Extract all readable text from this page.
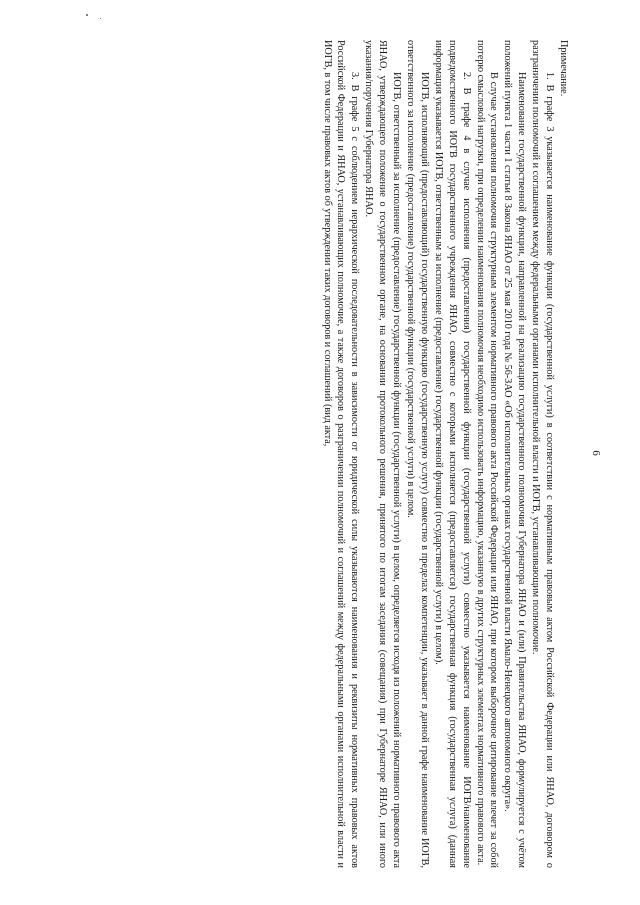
6

Примечание.

1. В графе 3 указывается наименование функции (государственной услуги) в соответствии с нормативным правовым актом Российской Федерации или ЯНАО, договором о разграничении полномочий и соглашением между федеральными органами исполнительной власти и ИОГВ, устанавливающим полномочие.

Наименование государственной функции, направленной на реализацию государственного полномочия Губернатора ЯНАО и (или) Правительства ЯНАО, формулируется с учётом положений пункта 1 части 1 статьи 8 Закона ЯНАО от 25 мая 2010 года № 56-ЗАО «Об исполнительных органах государственной власти Ямало-Ненецкого автономного округа».

В случае установления полномочия структурным элементом нормативного правового акта Российской Федерации или ЯНАО, при котором выборочное цитирование влечет за собой потерю смысловой нагрузки, при определении наименования полномочия необходимо использовать информацию, указанную в других структурных элементах нормативного правового акта.

2. В графе 4 в случае исполнения (предоставления) государственной функции (государственной услуги) совместно указывается наименование ИОГВ/наименование подведомственного ИОГВ государственного учреждения ЯНАО, совместно с которыми исполняется (предоставляется) государственная функция (государственная услуга) (данная информация указывается ИОГВ, ответственным за исполнение (предоставление) государственной функции (государственной услуги) в целом).

ИОГВ, исполняющий (предоставляющий) государственную функцию (государственную услугу) совместно в пределах компетенции, указывает в данной графе наименование ИОГВ, ответственного за исполнение (предоставление) государственной функции (государственной услуги) в целом.

ИОГВ, ответственный за исполнение (предоставление) государственной функции (государственной услуги) в целом, определяется исходя из положений нормативного правового акта ЯНАО, утверждающего положение о государственном органе, на основании протокольного решения, принятого по итогам заседания (совещания) при Губернаторе ЯНАО, или иного указания/поручения Губернатора ЯНАО.

3. В графе 5 с соблюдением иерархической последовательности в зависимости от юридической силы указываются наименования и реквизиты нормативных правовых актов Российской Федерации и ЯНАО, устанавливающих полномочие, а также договоров о разграничении полномочий и соглашений между федеральными органами исполнительной власти и ИОГВ, в том числе правовых актов об утверждении таких договоров и соглашений (вид акта,
